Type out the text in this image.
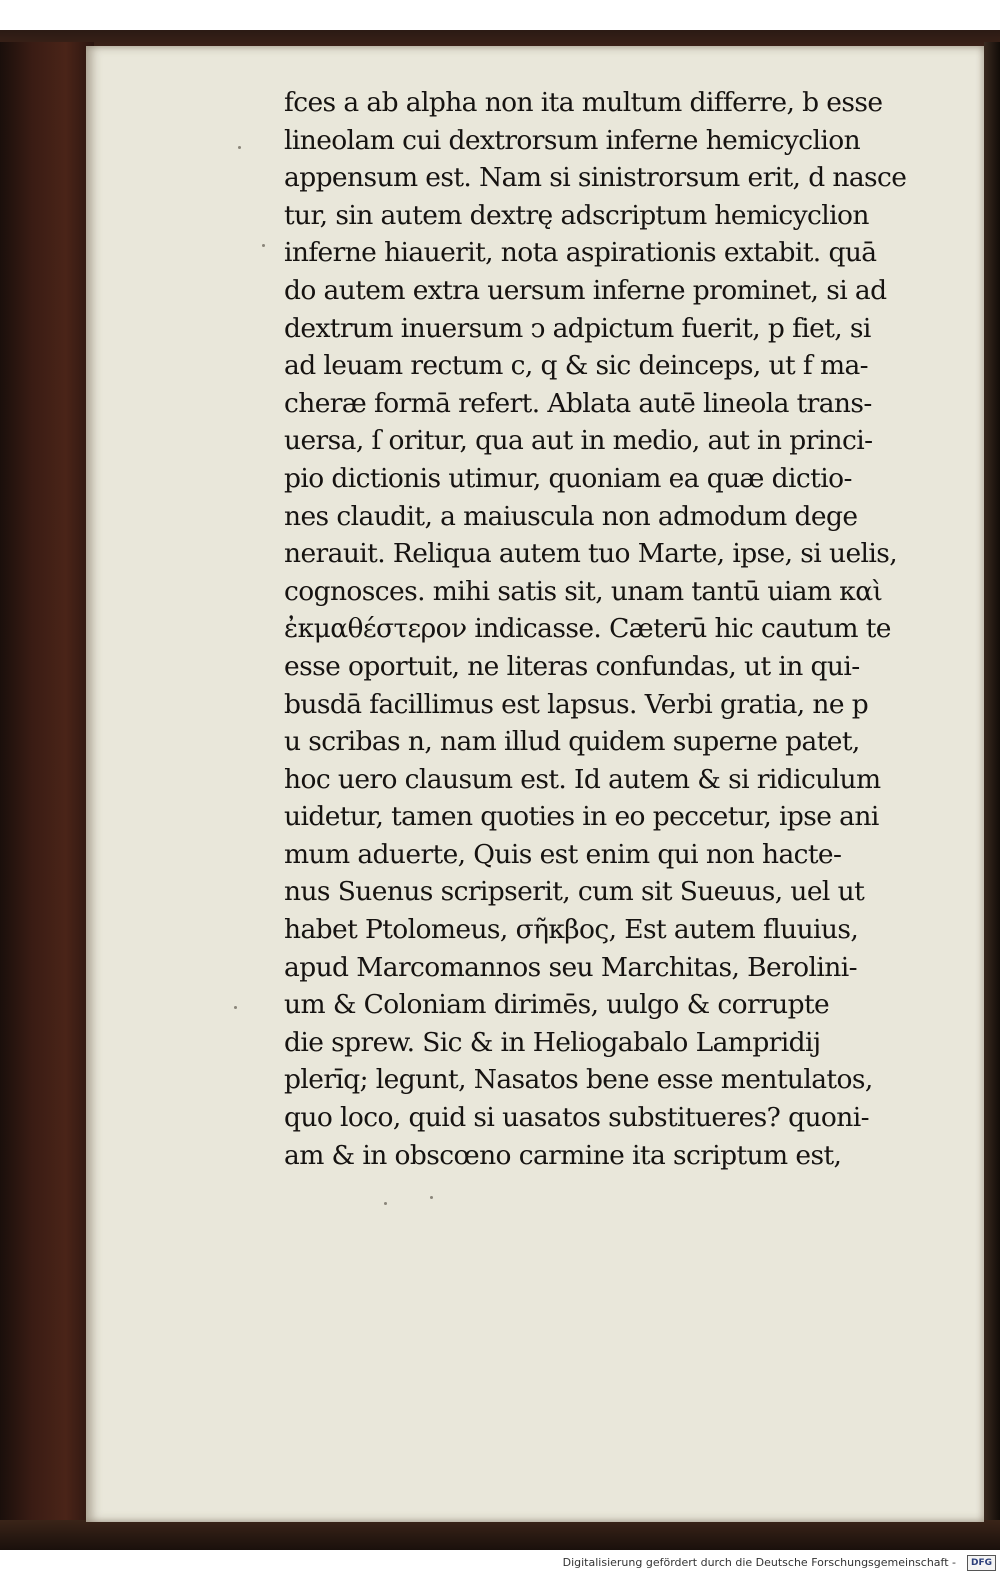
fces a ab alpha non ita multum differre, b esse
lineolam cui dextrorsum inferne hemicyclion
appensum est. Nam si sinistrorsum erit, d nasce
tur, sin autem dextrę adscriptum hemicyclion
inferne hiauerit, nota aspirationis extabit. quā
do autem extra uersum inferne prominet, si ad
dextrum inuersum ͻ adpictum fuerit, p fiet, si
ad leuam rectum c, q & sic deinceps, ut f ma-
cheræ formā refert. Ablata autē lineola trans-
uersa, ſ oritur, qua aut in medio, aut in princi-
pio dictionis utimur, quoniam ea quæ dictio-
nes claudit, a maiuscula non admodum dege
nerauit. Reliqua autem tuo Marte, ipse, si uelis,
cognosces. mihi satis sit, unam tantū uiam καὶ
ἐκμαθέστερον indicasse. Cæterū hic cautum te
esse oportuit, ne literas confundas, ut in qui-
busdā facillimus est lapsus. Verbi gratia, ne p
u scribas n, nam illud quidem superne patet,
hoc uero clausum est. Id autem & si ridiculum
uidetur, tamen quoties in eo peccetur, ipse ani
mum aduerte, Quis est enim qui non hacte-
nus Suenus scripserit, cum sit Sueuus, uel ut
habet Ptolomeus, σῆκβος, Est autem fluuius,
apud Marcomannos seu Marchitas, Berolini-
um & Coloniam dirimēs, uulgo & corrupte
die sprew. Sic & in Heliogabalo Lampridij
plerīq; legunt, Nasatos bene esse mentulatos,
quo loco, quid si uasatos substitueres? quoni-
am & in obscœno carmine ita scriptum est,
Digitalisierung gefördert durch die Deutsche Forschungsgemeinschaft -	DFG
